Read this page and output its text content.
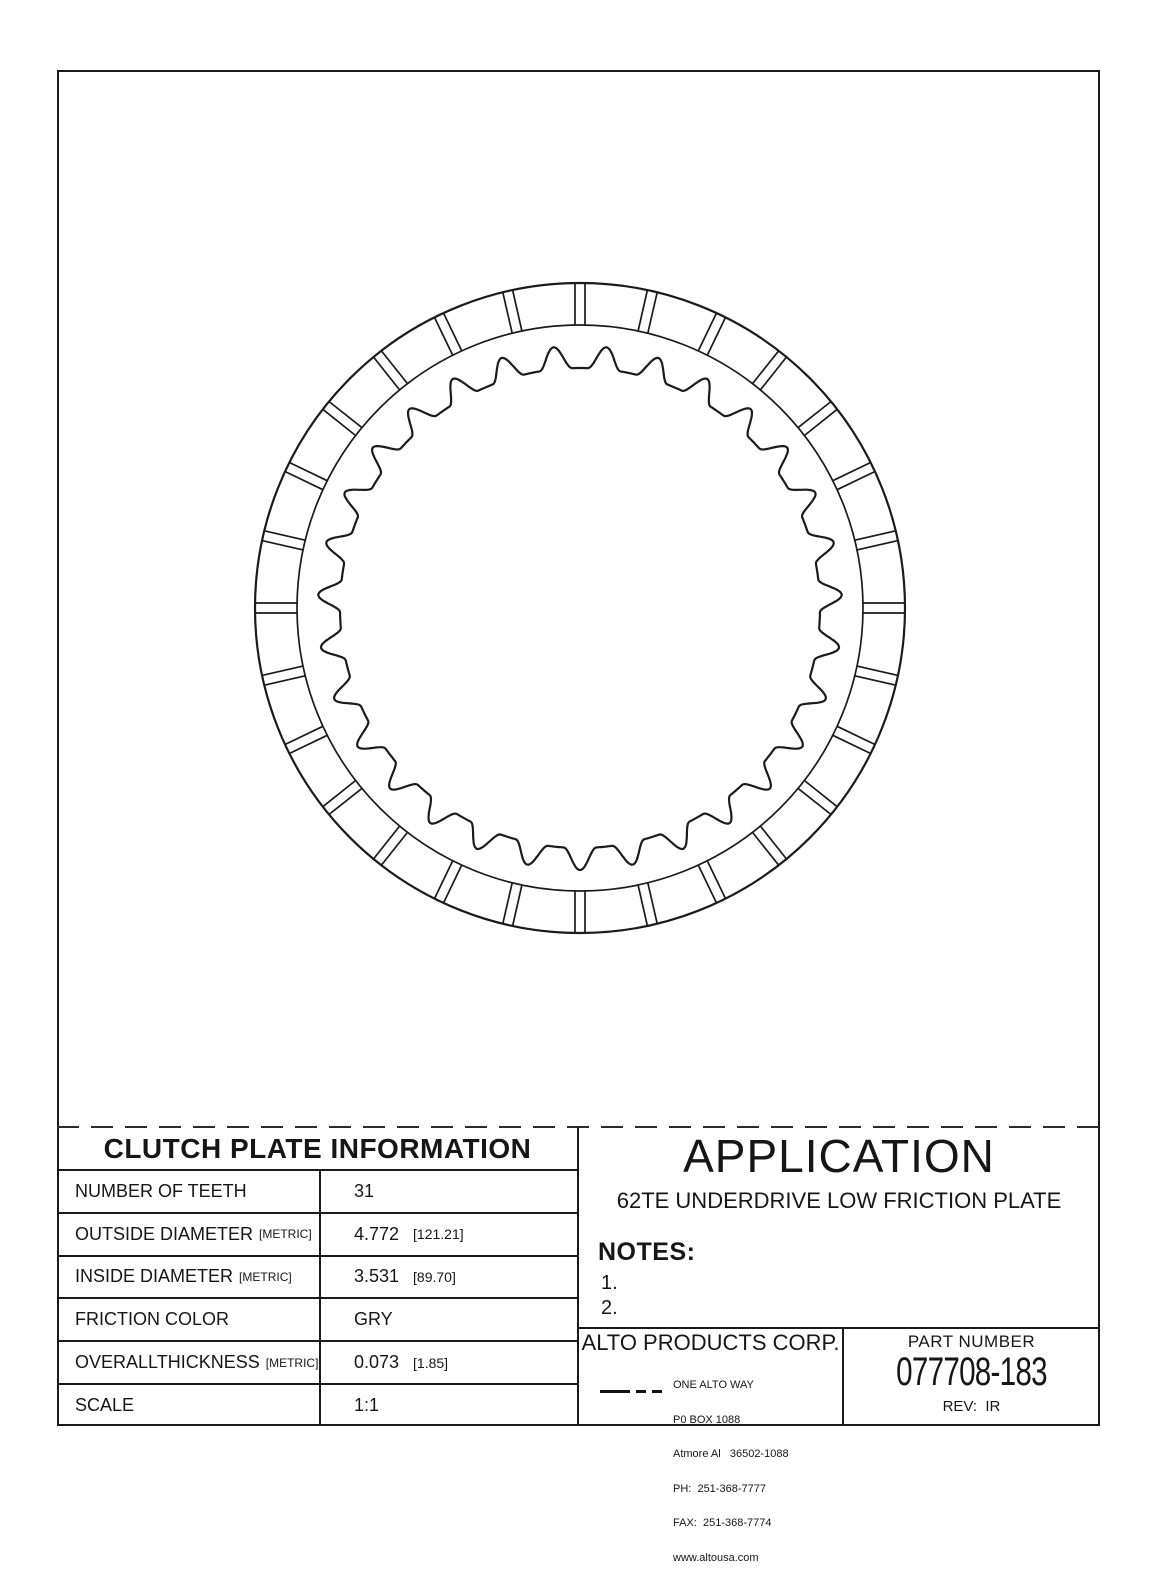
CLUTCH PLATE INFORMATION
NUMBER OF TEETH	31
OUTSIDE DIAMETER [METRIC] 4.772 [121.21]
INSIDE DIAMETER [METRIC]	3.531 [89.70]
FRICTION COLOR	GRY
OVERALLTHICKNESS [METRIC] 0.073 [1.85]
SCALE	1:1
APPLICATION
62TE UNDERDRIVE LOW FRICTION PLATE
NOTES:
1.
2.
ALTO PRODUCTS CORP.

ONE ALTO WAY

P0 BOX 1088

Atmore Al   36502-1088

PH:  251-368-7777

FAX:  251-368-7774

www.altousa.com

PART NUMBER
077708-183
REV:  IR
